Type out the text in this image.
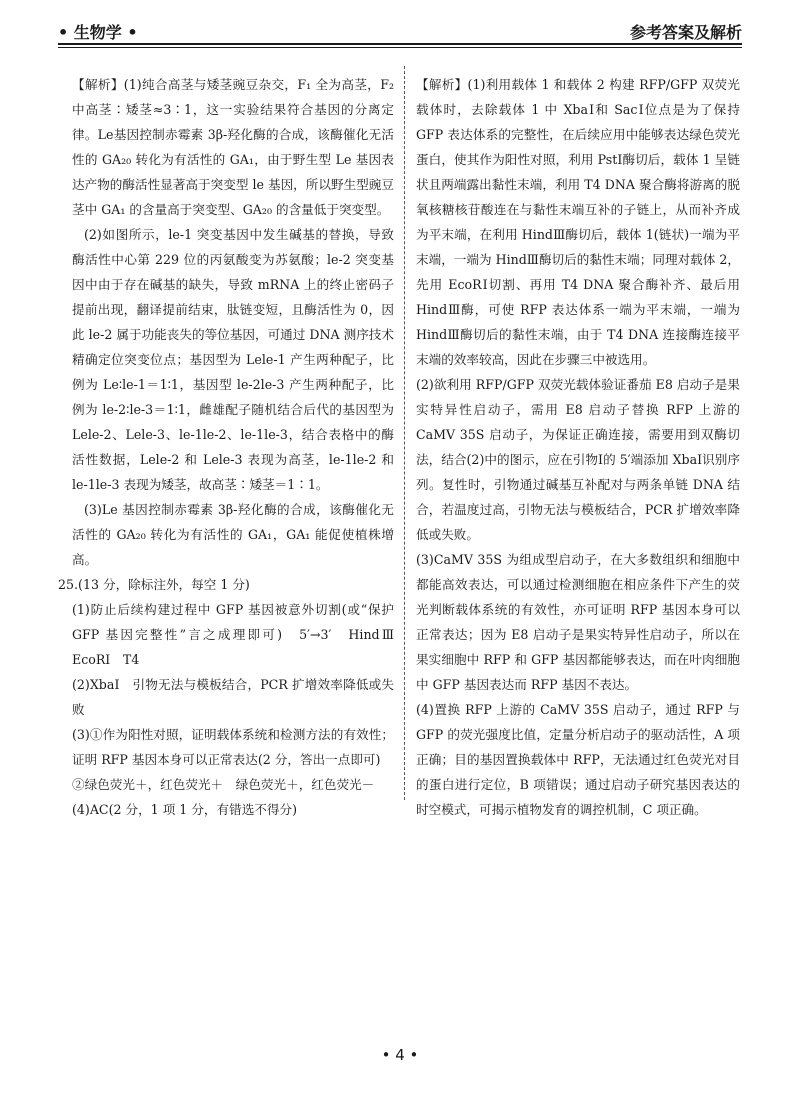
• 生物学 •	参考答案及解析

【解析】(1)纯合高茎与矮茎豌豆杂交，F₁ 全为高茎，F₂ 中高茎∶矮茎≈3∶1，这一实验结果符合基因的分离定律。Le基因控制赤霉素 3β-羟化酶的合成，该酶催化无活性的 GA₂₀ 转化为有活性的 GA₁，由于野生型 Le 基因表达产物的酶活性显著高于突变型 le 基因，所以野生型豌豆茎中 GA₁ 的含量高于突变型、GA₂₀ 的含量低于突变型。

(2)如图所示，le-1 突变基因中发生碱基的替换，导致酶活性中心第 229 位的丙氨酸变为苏氨酸；le-2 突变基因中由于存在碱基的缺失，导致 mRNA 上的终止密码子提前出现，翻译提前结束，肽链变短，且酶活性为 0，因此 le-2 属于功能丧失的等位基因，可通过 DNA 测序技术精确定位突变位点；基因型为 Lele-1 产生两种配子，比例为 Le∶le-1＝1∶1，基因型 le-2le-3 产生两种配子，比例为 le-2∶le-3＝1∶1，雌雄配子随机结合后代的基因型为 Lele-2、Lele-3、le-1le-2、le-1le-3，结合表格中的酶活性数据，Lele-2 和 Lele-3 表现为高茎，le-1le-2 和 le-1le-3 表现为矮茎，故高茎∶矮茎＝1∶1。

(3)Le 基因控制赤霉素 3β-羟化酶的合成，该酶催化无活性的 GA₂₀ 转化为有活性的 GA₁，GA₁ 能促使植株增高。

25.(13 分，除标注外，每空 1 分)

(1)防止后续构建过程中 GFP 基因被意外切割(或“保护 GFP 基因完整性”言之成理即可)　5′→3′　HindⅢ　EcoRⅠ　T4

(2)XbaⅠ　引物无法与模板结合，PCR 扩增效率降低或失败

(3)①作为阳性对照，证明载体系统和检测方法的有效性；证明 RFP 基因本身可以正常表达(2 分，答出一点即可)

②绿色荧光＋，红色荧光＋　绿色荧光＋，红色荧光－

(4)AC(2 分，1 项 1 分，有错选不得分)

【解析】(1)利用载体 1 和载体 2 构建 RFP/GFP 双荧光载体时，去除载体 1 中 XbaⅠ和 SacⅠ位点是为了保持 GFP 表达体系的完整性，在后续应用中能够表达绿色荧光蛋白，使其作为阳性对照，利用 PstⅠ酶切后，载体 1 呈链状且两端露出黏性末端，利用 T4 DNA 聚合酶将游离的脱氧核糖核苷酸连在与黏性末端互补的子链上，从而补齐成为平末端，在利用 HindⅢ酶切后，载体 1(链状)一端为平末端，一端为 HindⅢ酶切后的黏性末端；同理对载体 2，先用 EcoRⅠ切割、再用 T4 DNA 聚合酶补齐、最后用 HindⅢ酶，可使 RFP 表达体系一端为平末端，一端为 HindⅢ酶切后的黏性末端，由于 T4 DNA 连接酶连接平末端的效率较高，因此在步骤三中被选用。

(2)欲利用 RFP/GFP 双荧光载体验证番茄 E8 启动子是果实特异性启动子，需用 E8 启动子替换 RFP 上游的 CaMV 35S 启动子，为保证正确连接，需要用到双酶切法，结合(2)中的图示，应在引物Ⅰ的 5′端添加 XbaⅠ识别序列。复性时，引物通过碱基互补配对与两条单链 DNA 结合，若温度过高，引物无法与模板结合，PCR 扩增效率降低或失败。

(3)CaMV 35S 为组成型启动子，在大多数组织和细胞中都能高效表达，可以通过检测细胞在相应条件下产生的荧光判断载体系统的有效性，亦可证明 RFP 基因本身可以正常表达；因为 E8 启动子是果实特异性启动子，所以在果实细胞中 RFP 和 GFP 基因都能够表达，而在叶肉细胞中 GFP 基因表达而 RFP 基因不表达。

(4)置换 RFP 上游的 CaMV 35S 启动子，通过 RFP 与 GFP 的荧光强度比值，定量分析启动子的驱动活性，A 项正确；目的基因置换载体中 RFP，无法通过红色荧光对目的蛋白进行定位，B 项错误；通过启动子研究基因表达的时空模式，可揭示植物发育的调控机制，C 项正确。

• 4 •
